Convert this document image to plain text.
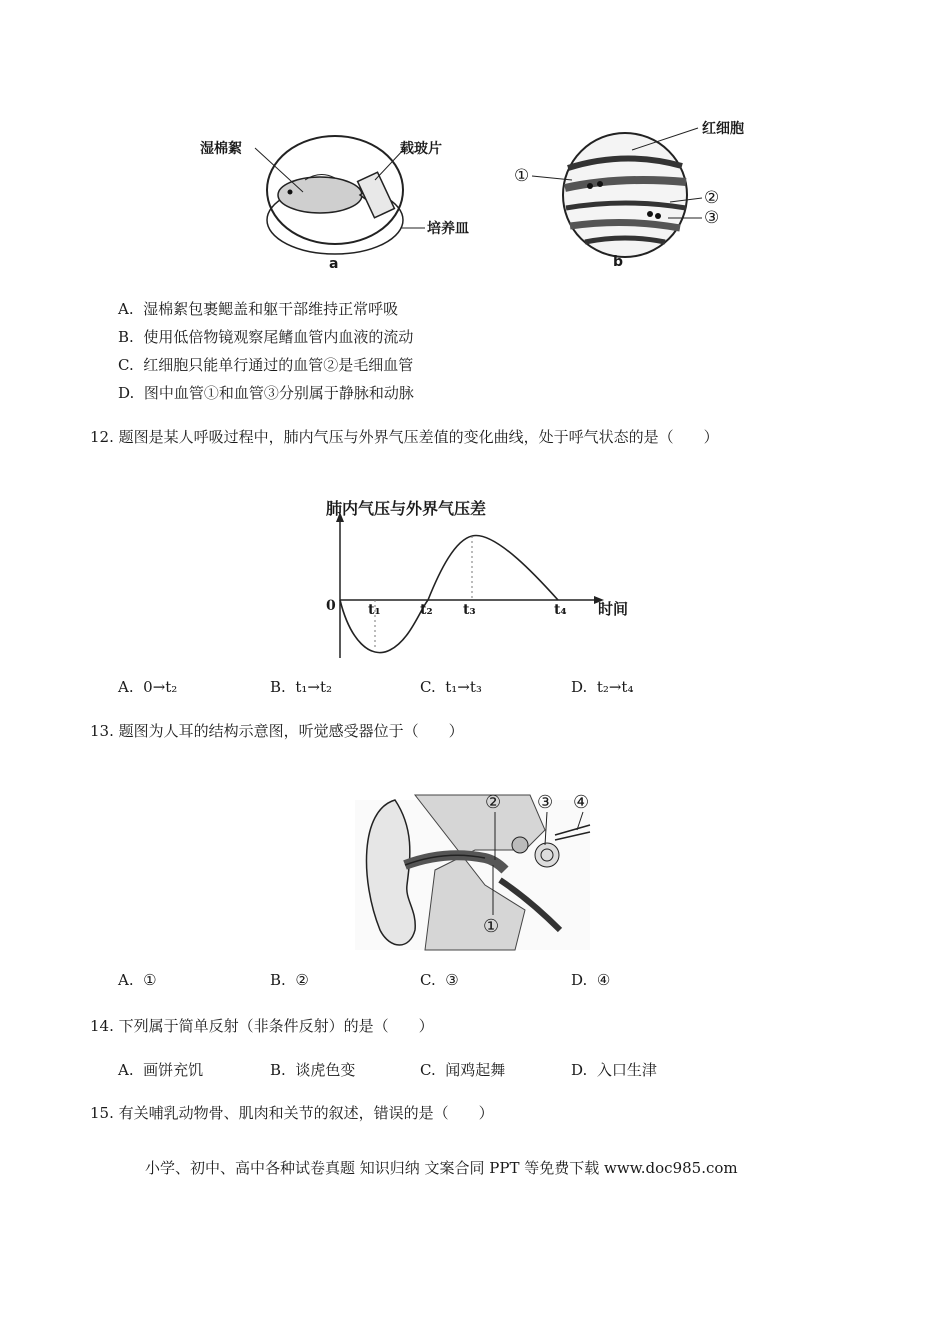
湿棉絮	载玻片
培养皿
a
红细胞
①
②
③
b
A. 湿棉絮包裹鳃盖和躯干部维持正常呼吸
B. 使用低倍物镜观察尾鳍血管内血液的流动
C. 红细胞只能单行通过的血管②是毛细血管
D. 图中血管①和血管③分别属于静脉和动脉
12. 题图是某人呼吸过程中，肺内气压与外界气压差值的变化曲线，处于呼气状态的是（　　）
肺内气压与外界气压差
0 t₁	t₂ t₃	t₄ 时间
A. 0→t₂	B. t₁→t₂	C. t₁→t₃	D. t₂→t₄
13. 题图为人耳的结构示意图，听觉感受器位于（　　）
② ③ ④
①
A. ①	B. ②	C. ③	D. ④
14. 下列属于简单反射（非条件反射）的是（　　）
A. 画饼充饥	B. 谈虎色变	C. 闻鸡起舞	D. 入口生津
15. 有关哺乳动物骨、肌肉和关节的叙述，错误的是（　　）
小学、初中、高中各种试卷真题 知识归纳 文案合同 PPT 等免费下载 www.doc985.com
